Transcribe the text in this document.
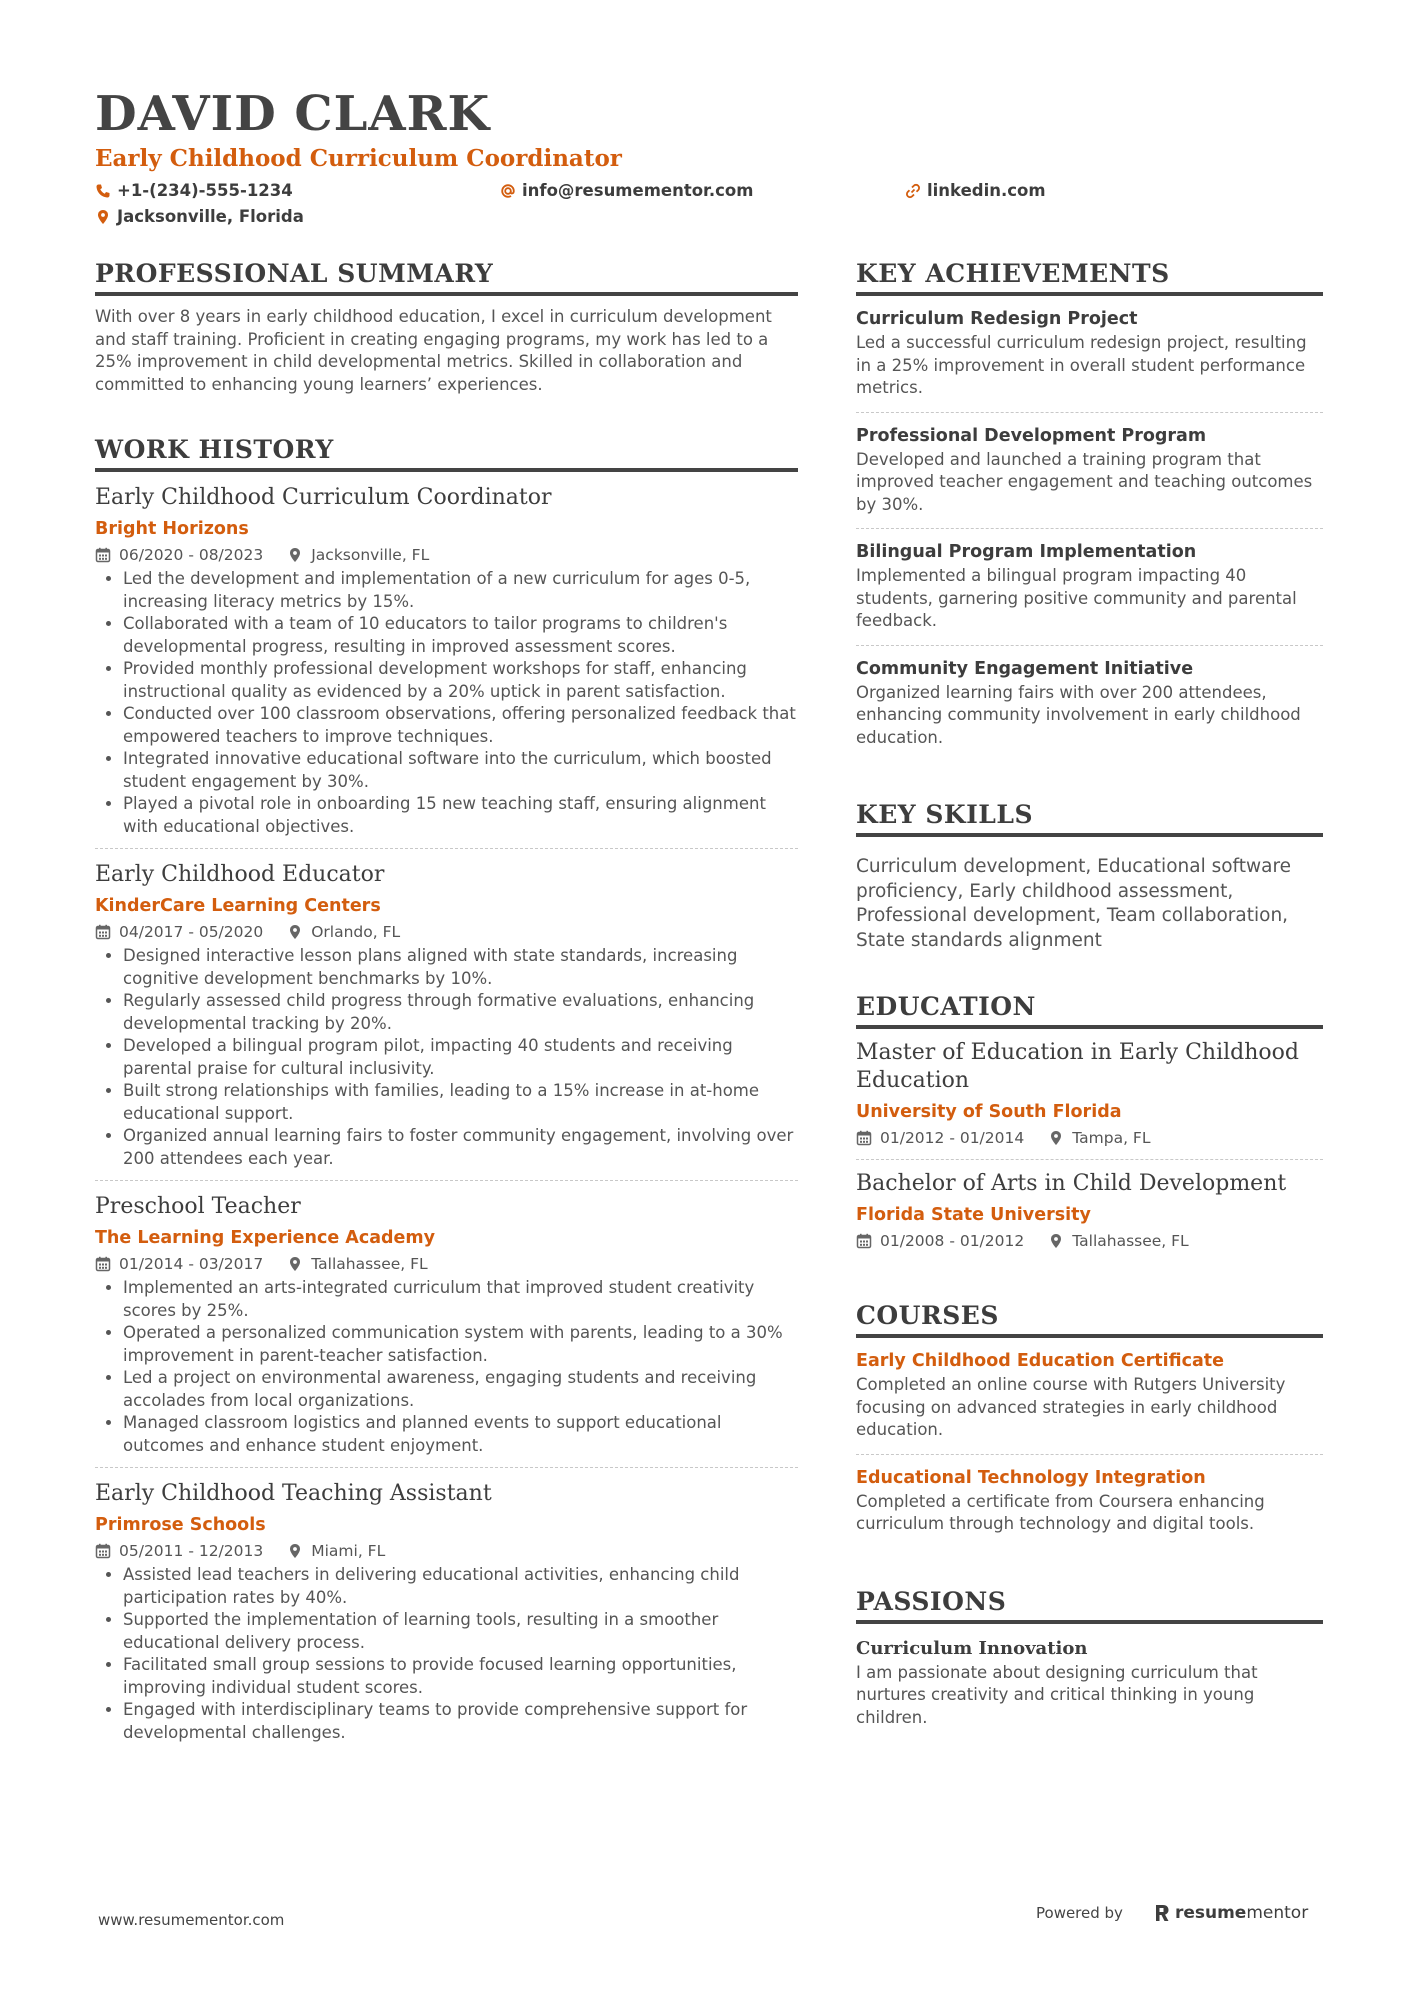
DAVID CLARK
Early Childhood Curriculum Coordinator
+1-(234)-555-1234	info@resumementor.com	linkedin.com
Jacksonville, Florida
PROFESSIONAL SUMMARY
With over 8 years in early childhood education, I excel in curriculum development and staff training. Proficient in creating engaging programs, my work has led to a 25% improvement in child developmental metrics. Skilled in collaboration and committed to enhancing young learners’ experiences.
WORK HISTORY
Early Childhood Curriculum Coordinator
Bright Horizons
06/2020 - 08/2023	Jacksonville, FL
• Led the development and implementation of a new curriculum for ages 0-5, increasing literacy metrics by 15%.
• Collaborated with a team of 10 educators to tailor programs to children's developmental progress, resulting in improved assessment scores.
• Provided monthly professional development workshops for staff, enhancing instructional quality as evidenced by a 20% uptick in parent satisfaction.
• Conducted over 100 classroom observations, offering personalized feedback that empowered teachers to improve techniques.
• Integrated innovative educational software into the curriculum, which boosted student engagement by 30%.
• Played a pivotal role in onboarding 15 new teaching staff, ensuring alignment with educational objectives.
Early Childhood Educator
KinderCare Learning Centers
04/2017 - 05/2020	Orlando, FL
• Designed interactive lesson plans aligned with state standards, increasing cognitive development benchmarks by 10%.
• Regularly assessed child progress through formative evaluations, enhancing developmental tracking by 20%.
• Developed a bilingual program pilot, impacting 40 students and receiving parental praise for cultural inclusivity.
• Built strong relationships with families, leading to a 15% increase in at-home educational support.
• Organized annual learning fairs to foster community engagement, involving over 200 attendees each year.
Preschool Teacher
The Learning Experience Academy
01/2014 - 03/2017	Tallahassee, FL
• Implemented an arts-integrated curriculum that improved student creativity scores by 25%.
• Operated a personalized communication system with parents, leading to a 30% improvement in parent-teacher satisfaction.
• Led a project on environmental awareness, engaging students and receiving accolades from local organizations.
• Managed classroom logistics and planned events to support educational outcomes and enhance student enjoyment.
Early Childhood Teaching Assistant
Primrose Schools
05/2011 - 12/2013	Miami, FL
• Assisted lead teachers in delivering educational activities, enhancing child participation rates by 40%.
• Supported the implementation of learning tools, resulting in a smoother educational delivery process.
• Facilitated small group sessions to provide focused learning opportunities, improving individual student scores.
• Engaged with interdisciplinary teams to provide comprehensive support for developmental challenges.
KEY ACHIEVEMENTS
Curriculum Redesign Project
Led a successful curriculum redesign project, resulting in a 25% improvement in overall student performance metrics.
Professional Development Program
Developed and launched a training program that improved teacher engagement and teaching outcomes by 30%.
Bilingual Program Implementation
Implemented a bilingual program impacting 40 students, garnering positive community and parental feedback.
Community Engagement Initiative
Organized learning fairs with over 200 attendees, enhancing community involvement in early childhood education.
KEY SKILLS
Curriculum development, Educational software proficiency, Early childhood assessment, Professional development, Team collaboration, State standards alignment
EDUCATION
Master of Education in Early Childhood Education
University of South Florida
01/2012 - 01/2014	Tampa, FL
Bachelor of Arts in Child Development
Florida State University
01/2008 - 01/2012	Tallahassee, FL
COURSES
Early Childhood Education Certificate
Completed an online course with Rutgers University focusing on advanced strategies in early childhood education.
Educational Technology Integration
Completed a certificate from Coursera enhancing curriculum through technology and digital tools.
PASSIONS
Curriculum Innovation
I am passionate about designing curriculum that nurtures creativity and critical thinking in young children.
www.resumementor.com	Powered by	resume mentor
